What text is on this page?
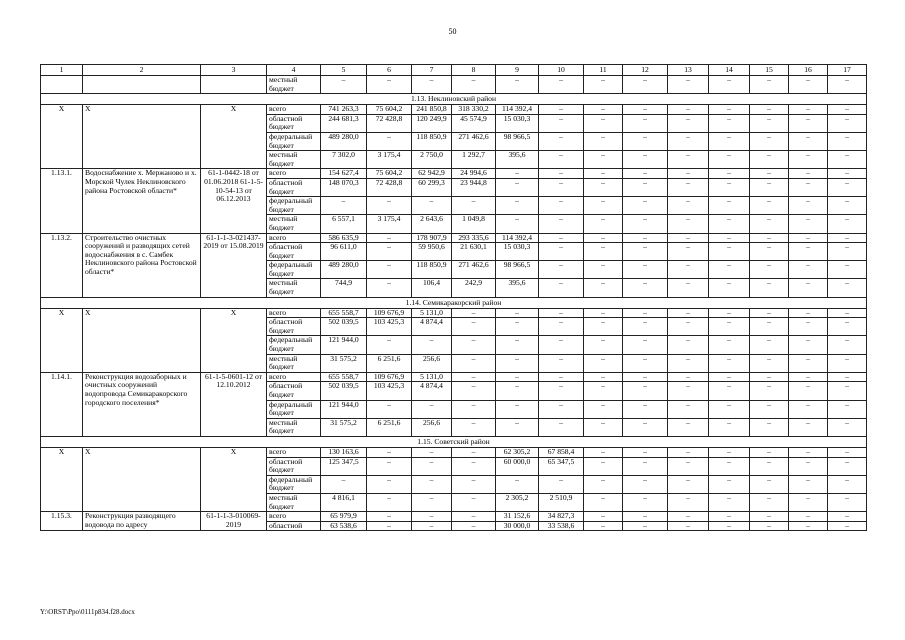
50
1	2	3	4	5	6	7	8	9	10	11	12	13	14	15	16	17
			местный бюджет	–	–	–	–	–	–	–	–	–	–	–	–	–
1.13. Неклиновский район																
Х	Х	Х	всего	741 263,3	75 604,2	241 850,8	318 330,2	114 392,4	–	–	–	–	–	–	–	–
			областной бюджет	244 681,3	72 428,8	120 249,9	45 574,9	15 030,3	–	–	–	–	–	–	–	–
			федеральный бюджет	489 280,0	–	118 850,9	271 462,6	98 966,5	–	–	–	–	–	–	–	–
			местный бюджет	7 302,0	3 175,4	2 750,0	1 292,7	395,6	–	–	–	–	–	–	–	–
1.13.1.	Водоснабжение х. Мержаново и х. Морской Чулек Неклиновского района Ростовской области*	61-1-0442-18 от 01.06.2018 61-1-5-10-54-13 от 06.12.2013	всего	154 627,4	75 604,2	62 942,9	24 994,6	–	–	–	–	–	–	–	–	–
			областной бюджет	148 070,3	72 428,8	60 299,3	23 944,8	–	–	–	–	–	–	–	–	–
			федеральный бюджет	–	–	–	–	–	–	–	–	–	–	–	–	–
			местный бюджет	6 557,1	3 175,4	2 643,6	1 049,8	–	–	–	–	–	–	–	–	–
1.13.2.	Строительство очистных сооружений и разводящих сетей водоснабжения в с. Самбек Неклиновского района Ростовской области*	61-1-1-3-021437-2019 от 15.08.2019	всего	586 635,9	–	178 907,9	293 335,6	114 392,4	–	–	–	–	–	–	–	–
			областной бюджет	96 611,0	–	59 950,6	21 630,1	15 030,3	–	–	–	–	–	–	–	–
			федеральный бюджет	489 280,0	–	118 850,9	271 462,6	98 966,5	–	–	–	–	–	–	–	–
			местный бюджет	744,9	–	106,4	242,9	395,6	–	–	–	–	–	–	–	–
1.14. Семикаракорский район																
Х	Х	Х	всего	655 558,7	109 676,9	5 131,0	–	–	–	–	–	–	–	–	–	–
			областной бюджет	502 039,5	103 425,3	4 874,4	–	–	–	–	–	–	–	–	–	–
			федеральный бюджет	121 944,0	–	–	–	–	–	–	–	–	–	–	–	–
			местный бюджет	31 575,2	6 251,6	256,6	–	–	–	–	–	–	–	–	–	–
1.14.1.	Реконструкция водозаборных и очистных сооружений водопровода Семикаракорского городского поселения*	61-1-5-0601-12 от 12.10.2012	всего	655 558,7	109 676,9	5 131,0	–	–	–	–	–	–	–	–	–	–
			областной бюджет	502 039,5	103 425,3	4 874,4	–	–	–	–	–	–	–	–	–	–
			федеральный бюджет	121 944,0	–	–	–	–	–	–	–	–	–	–	–	–
			местный бюджет	31 575,2	6 251,6	256,6	–	–	–	–	–	–	–	–	–	–
1.15. Советский район																
Х	Х	Х	всего	130 163,6	–	–	–	62 305,2	67 858,4	–	–	–	–	–	–	–
			областной бюджет	125 347,5	–	–	–	60 000,0	65 347,5	–	–	–	–	–	–	–
			федеральный бюджет	–	–	–	–	–	–	–	–	–	–	–	–	–
			местный бюджет	4 816,1	–	–	–	2 305,2	2 510,9	–	–	–	–	–	–	–
1.15.3.	Реконструкция разводящего водовода по адресу	61-1-1-3-010069-2019	всего	65 979,9	–	–	–	31 152,6	34 827,3	–	–	–	–	–	–	–
			областной	63 538,6	–	–	–	30 000,0	33 538,6	–	–	–	–	–	–	–
Y:\ORST\Ppo\0111p834.f28.docx
